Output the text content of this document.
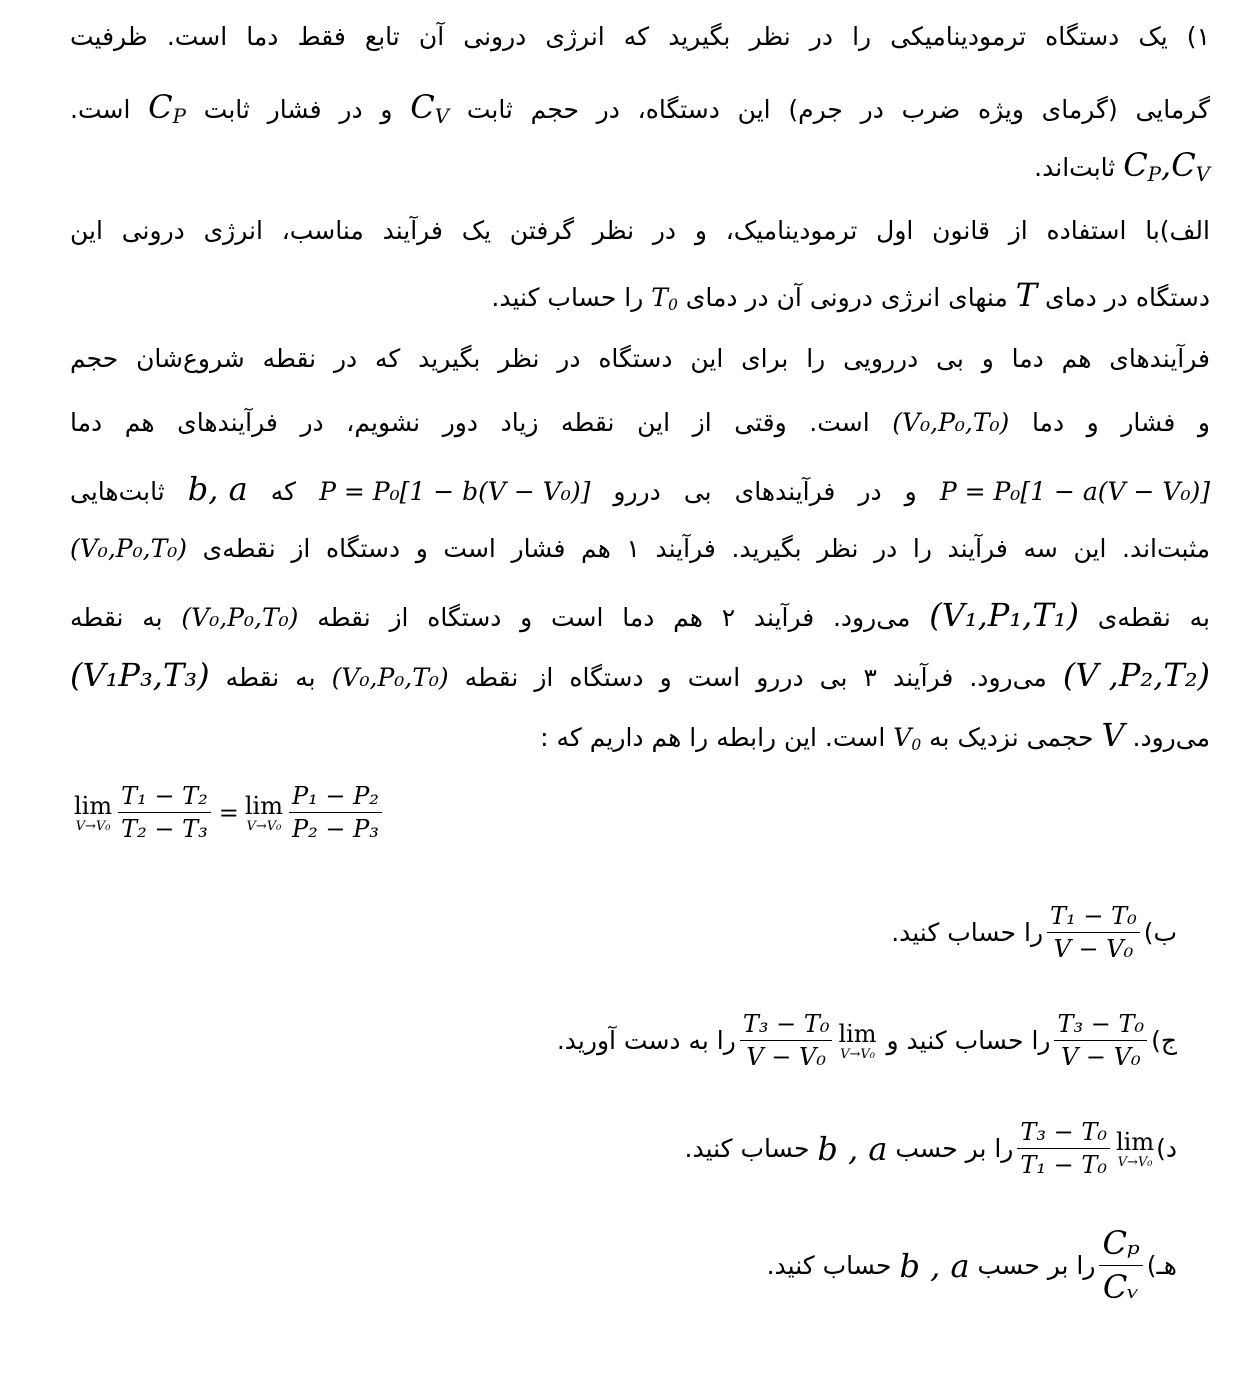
۱) یک دستگاه ترمودینامیکی را در نظر بگیرید که انرژی درونی آن تابع فقط دما است. ظرفیت
گرمایی (گرمای ویژه ضرب در جرم) این دستگاه، در حجم ثابت $C_V$ و در فشار ثابت $C_P$ است.
$C_P,C_V$ ثابت‌اند.
الف)با استفاده از قانون اول ترمودینامیک، و در نظر گرفتن یک فرآیند مناسب، انرژی درونی این
دستگاه در دمای T منهای انرژی درونی آن در دمای $T_0$ را حساب کنید.
فرآیندهای هم دما و بی دررویی را برای این دستگاه در نظر بگیرید که در نقطه شروع‌شان حجم
و فشار و دما (V₀,P₀,T₀) است. وقتی از این نقطه زیاد دور نشویم، در فرآیندهای هم دما
P = P₀[1 − a(V − V₀)] و در فرآیندهای بی دررو P = P₀[1 − b(V − V₀)] که b, a ثابت‌هایی
مثبت‌اند. این سه فرآیند را در نظر بگیرید. فرآیند ۱ هم فشار است و دستگاه از نقطه‌ی (V₀,P₀,T₀)
به نقطه‌ی (V₁,P₁,T₁) می‌رود. فرآیند ۲ هم دما است و دستگاه از نقطه (V₀,P₀,T₀) به نقطه
(V ,P₂,T₂) می‌رود. فرآیند ۳ بی دررو است و دستگاه از نقطه (V₀,P₀,T₀) به نقطه (V₁P₃,T₃)
می‌رود. V حجمی نزدیک به $V_0$ است. این رابطه را هم داریم که :
lim
$V\to V_0 \frac{\text{T₁ − T₂}}{\text{T₂ − T₃}} = \lim$
$V\to V_0 \frac{\text{P₁ − P₂}}{\text{P₂ − P₃}}$
ب)
$\frac{\text{T₁ − T₀}}{\text{V − V₀}}$
را حساب کنید.
ج)
$\frac{\text{T₃ − T₀}}{\text{V − V₀}}$
را حساب کنید و

lim
V→V₀
$\frac{\text{T₃ − T₀}}{\text{V − V₀}}$
را به دست آورید.
د)
lim
V→V₀
$\frac{\text{T₃ − T₀}}{\text{T₁ − T₀}}$
را بر حسب

b , a

حساب کنید.
هـ)
$\frac{\text{Cₚ}}{\text{Cᵥ}}$
را بر حسب

b , a

حساب کنید.
